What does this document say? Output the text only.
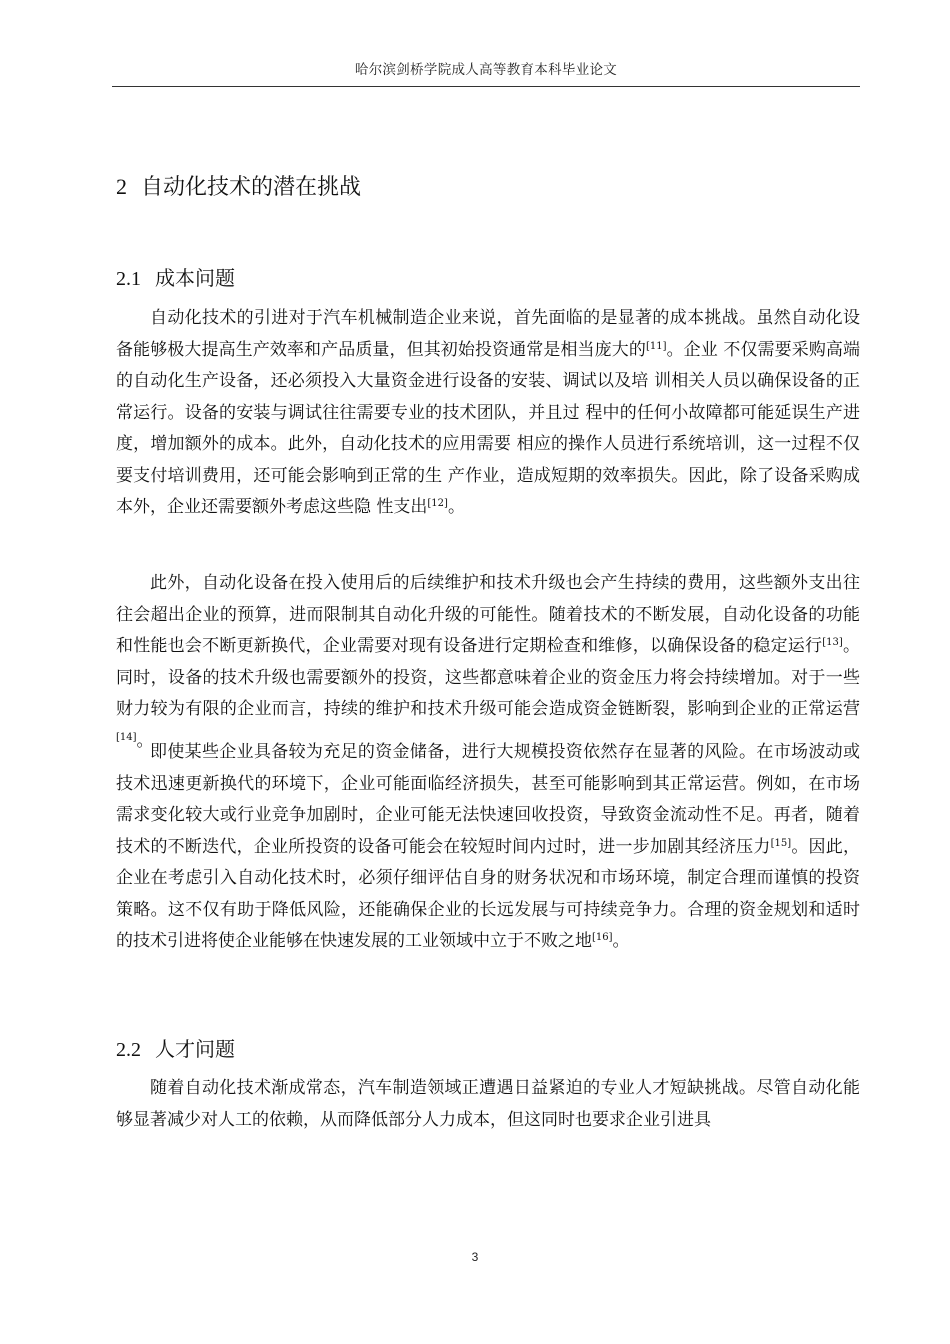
哈尔滨剑桥学院成人高等教育本科毕业论文
2 自动化技术的潜在挑战
2.1 成本问题
自动化技术的引进对于汽车机械制造企业来说，首先面临的是显著的成本挑战。虽然自动化设备能够极大提高生产效率和产品质量，但其初始投资通常是相当庞大的[11]。企业 不仅需要采购高端的自动化生产设备，还必须投入大量资金进行设备的安装、调试以及培 训相关人员以确保设备的正常运行。设备的安装与调试往往需要专业的技术团队，并且过 程中的任何小故障都可能延误生产进度，增加额外的成本。此外，自动化技术的应用需要 相应的操作人员进行系统培训，这一过程不仅要支付培训费用，还可能会影响到正常的生 产作业，造成短期的效率损失。因此，除了设备采购成本外，企业还需要额外考虑这些隐 性支出[12]。
此外，自动化设备在投入使用后的后续维护和技术升级也会产生持续的费用，这些额外支出往往会超出企业的预算，进而限制其自动化升级的可能性。随着技术的不断发展，自动化设备的功能和性能也会不断更新换代，企业需要对现有设备进行定期检查和维修，以确保设备的稳定运行[13]。同时，设备的技术升级也需要额外的投资，这些都意味着企业的资金压力将会持续增加。对于一些财力较为有限的企业而言，持续的维护和技术升级可能会造成资金链断裂，影响到企业的正常运营[14]。
即使某些企业具备较为充足的资金储备，进行大规模投资依然存在显著的风险。在市场波动或技术迅速更新换代的环境下，企业可能面临经济损失，甚至可能影响到其正常运营。例如，在市场需求变化较大或行业竞争加剧时，企业可能无法快速回收投资，导致资金流动性不足。再者，随着技术的不断迭代，企业所投资的设备可能会在较短时间内过时，进一步加剧其经济压力[15]。因此，企业在考虑引入自动化技术时，必须仔细评估自身的财务状况和市场环境，制定合理而谨慎的投资策略。这不仅有助于降低风险，还能确保企业的长远发展与可持续竞争力。合理的资金规划和适时的技术引进将使企业能够在快速发展的工业领域中立于不败之地[16]。
2.2 人才问题
随着自动化技术渐成常态，汽车制造领域正遭遇日益紧迫的专业人才短缺挑战。尽管自动化能够显著减少对人工的依赖，从而降低部分人力成本，但这同时也要求企业引进具
3
